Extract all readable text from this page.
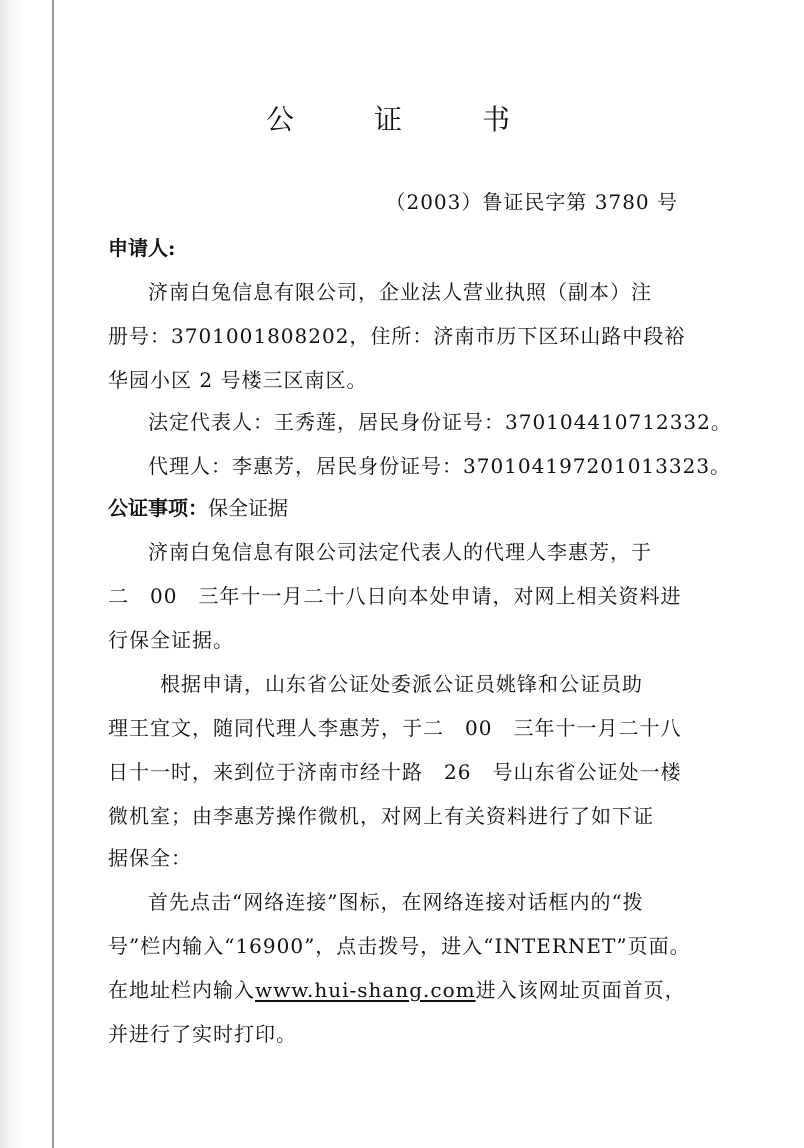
公　证　书
（2003）鲁证民字第 3780 号
申请人:
济南白兔信息有限公司，企业法人营业执照（副本）注
册号：3701001808202，住所：济南市历下区环山路中段裕
华园小区 2 号楼三区南区。
法定代表人：王秀莲，居民身份证号：370104410712332。
代理人：李惠芳，居民身份证号：370104197201013323。
公证事项：保全证据
济南白兔信息有限公司法定代表人的代理人李惠芳，于
二　00　三年十一月二十八日向本处申请，对网上相关资料进
行保全证据。
根据申请，山东省公证处委派公证员姚锋和公证员助
理王宜文，随同代理人李惠芳，于二　00　三年十一月二十八
日十一时，来到位于济南市经十路　26　号山东省公证处一楼
微机室；由李惠芳操作微机，对网上有关资料进行了如下证
据保全：
首先点击“网络连接”图标，在网络连接对话框内的“拨
号”栏内输入“16900”，点击拨号，进入“INTERNET”页面。
在地址栏内输入www.hui-shang.com进入该网址页面首页，
并进行了实时打印。
